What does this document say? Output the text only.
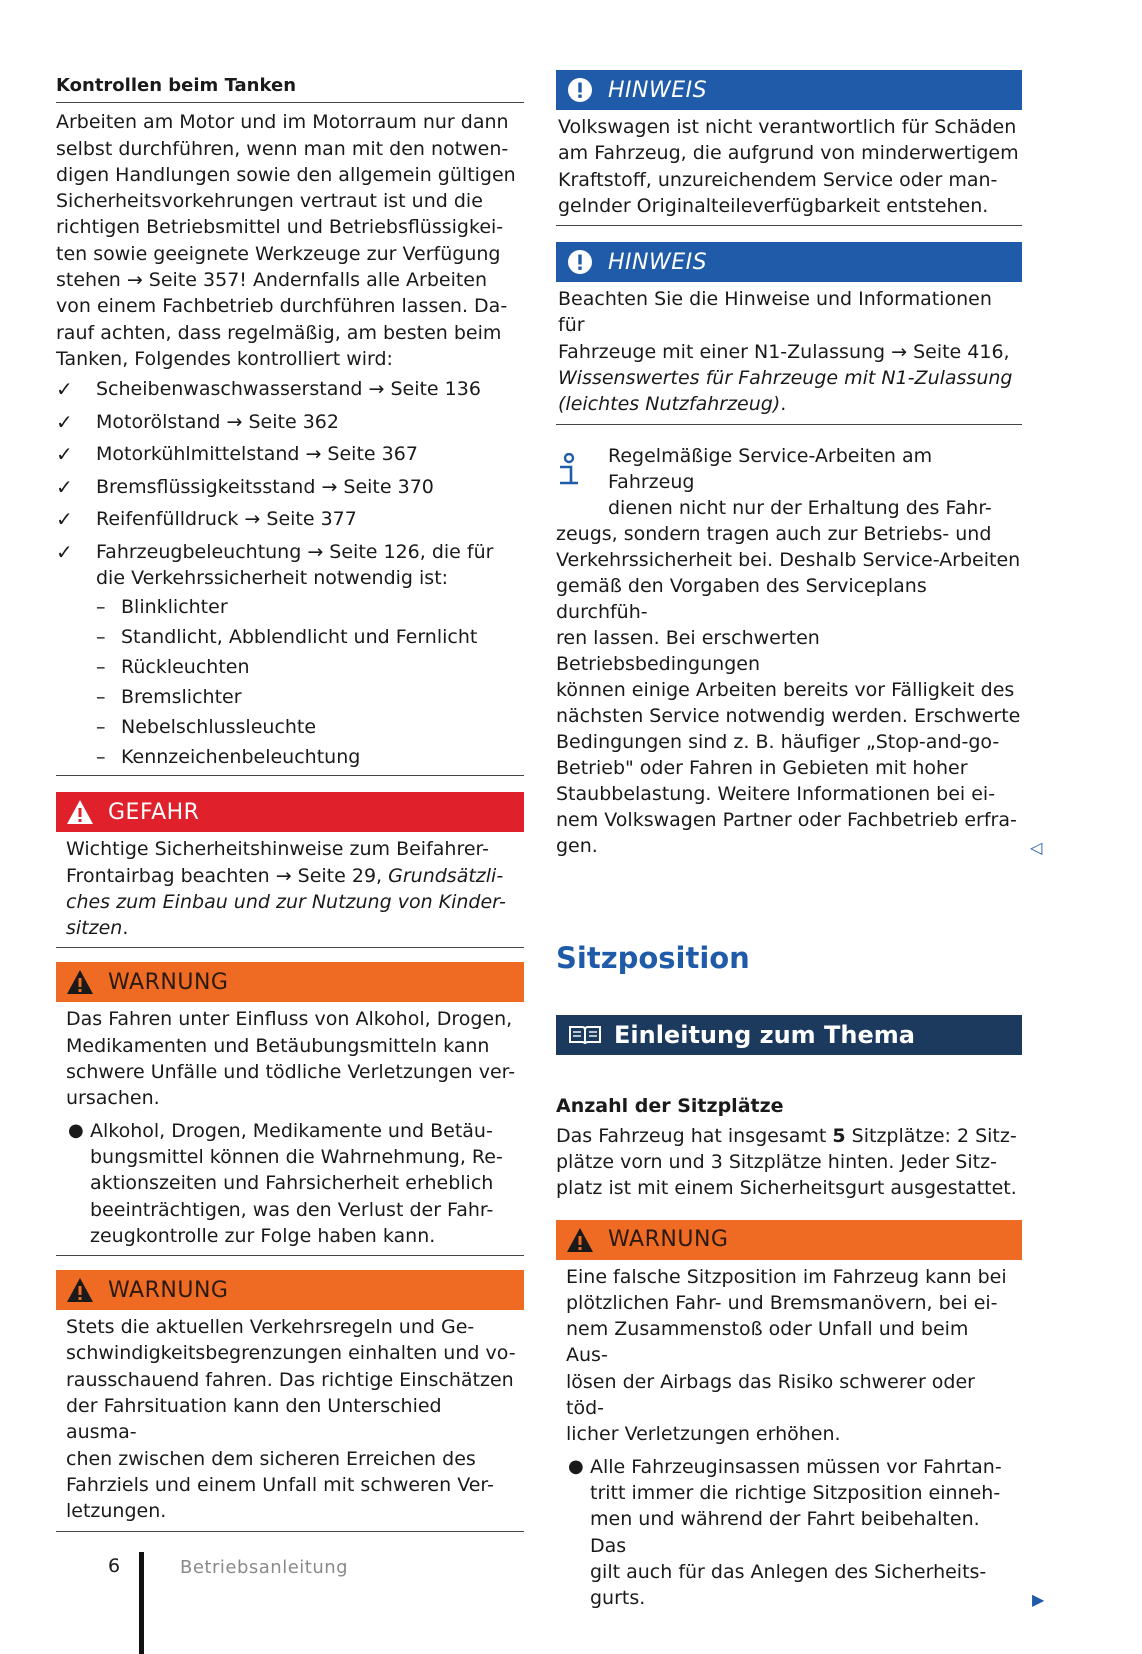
Kontrollen beim Tanken

Arbeiten am Motor und im Motorraum nur dann
selbst durchführen, wenn man mit den notwen-
digen Handlungen sowie den allgemein gültigen
Sicherheitsvorkehrungen vertraut ist und die
richtigen Betriebsmittel und Betriebsflüssigkei-
ten sowie geeignete Werkzeuge zur Verfügung
stehen → Seite 357! Andernfalls alle Arbeiten
von einem Fachbetrieb durchführen lassen. Da-
rauf achten, dass regelmäßig, am besten beim
Tanken, Folgendes kontrolliert wird:

✓ Scheibenwaschwasserstand → Seite 136
✓ Motorölstand → Seite 362
✓ Motorkühlmittelstand → Seite 367
✓ Bremsflüssigkeitsstand → Seite 370
✓ Reifenfülldruck → Seite 377
✓ Fahrzeugbeleuchtung → Seite 126, die für
die Verkehrssicherheit notwendig ist:
– Blinklichter
– Standlicht, Abblendlicht und Fernlicht
– Rückleuchten
– Bremslichter
– Nebelschlussleuchte
– Kennzeichenbeleuchtung
GEFAHR
Wichtige Sicherheitshinweise zum Beifahrer-
Frontairbag beachten → Seite 29, Grundsätzli-
ches zum Einbau und zur Nutzung von Kinder-
sitzen.
WARNUNG

Das Fahren unter Einfluss von Alkohol, Drogen,
Medikamenten und Betäubungsmitteln kann
schwere Unfälle und tödliche Verletzungen ver-
ursachen.

● Alkohol, Drogen, Medikamente und Betäu-
bungsmittel können die Wahrnehmung, Re-
aktionszeiten und Fahrsicherheit erheblich
beeinträchtigen, was den Verlust der Fahr-
zeugkontrolle zur Folge haben kann.
WARNUNG

Stets die aktuellen Verkehrsregeln und Ge-
schwindigkeitsbegrenzungen einhalten und vo-
rausschauend fahren. Das richtige Einschätzen
der Fahrsituation kann den Unterschied ausma-
chen zwischen dem sicheren Erreichen des
Fahrziels und einem Unfall mit schweren Ver-
letzungen.

HINWEIS
Volkswagen ist nicht verantwortlich für Schäden
am Fahrzeug, die aufgrund von minderwertigem
Kraftstoff, unzureichendem Service oder man-
gelnder Originalteileverfügbarkeit entstehen.
HINWEIS
Beachten Sie die Hinweise und Informationen für
Fahrzeuge mit einer N1-Zulassung → Seite 416,
Wissenswertes für Fahrzeuge mit N1-Zulassung
(leichtes Nutzfahrzeug).

Regelmäßige Service-Arbeiten am Fahrzeug
dienen nicht nur der Erhaltung des Fahr-
zeugs, sondern tragen auch zur Betriebs- und
Verkehrssicherheit bei. Deshalb Service-Arbeiten
gemäß den Vorgaben des Serviceplans durchfüh-
ren lassen. Bei erschwerten Betriebsbedingungen
können einige Arbeiten bereits vor Fälligkeit des
nächsten Service notwendig werden. Erschwerte
Bedingungen sind z. B. häufiger „Stop-and-go-
Betrieb" oder Fahren in Gebieten mit hoher
Staubbelastung. Weitere Informationen bei ei-
nem Volkswagen Partner oder Fachbetrieb erfra-
gen.	◁
Sitzposition
Einleitung zum Thema

Anzahl der Sitzplätze

Das Fahrzeug hat insgesamt 5 Sitzplätze: 2 Sitz-
plätze vorn und 3 Sitzplätze hinten. Jeder Sitz-
platz ist mit einem Sicherheitsgurt ausgestattet.

WARNUNG

Eine falsche Sitzposition im Fahrzeug kann bei
plötzlichen Fahr- und Bremsmanövern, bei ei-
nem Zusammenstoß oder Unfall und beim Aus-
lösen der Airbags das Risiko schwerer oder töd-
licher Verletzungen erhöhen.

● Alle Fahrzeuginsassen müssen vor Fahrtan-
tritt immer die richtige Sitzposition einneh-
men und während der Fahrt beibehalten. Das
gilt auch für das Anlegen des Sicherheits-
gurts.	▶
6	Betriebsanleitung
